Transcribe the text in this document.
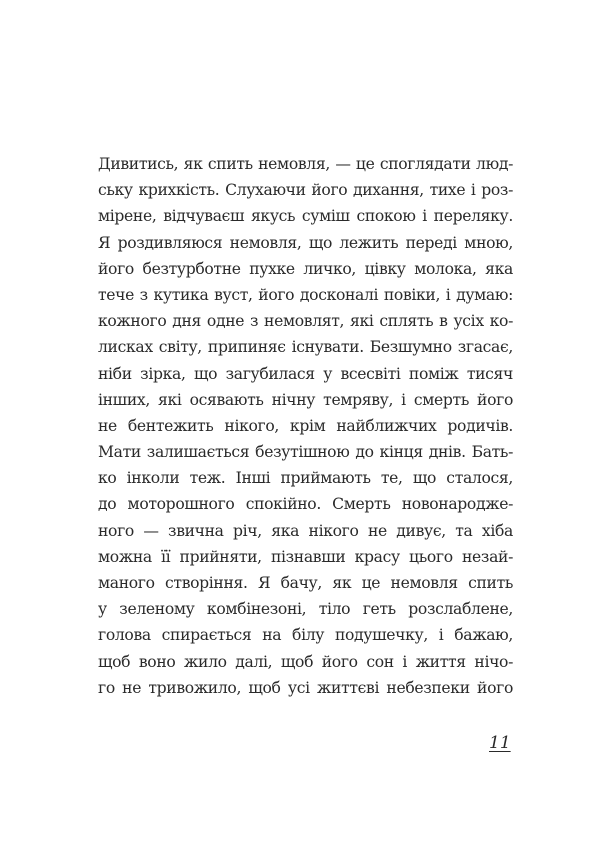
Дивитись, як спить немовля, — це споглядати люд-
ську крихкість. Слухаючи його дихання, тихе і роз-
мірене, відчуваєш якусь суміш спокою і переляку.
Я роздивляюся немовля, що лежить переді мною,
його безтурботне пухке личко, цівку молока, яка
тече з кутика вуст, його досконалі повіки, і думаю:
кожного дня одне з немовлят, які сплять в усіх ко-
лисках світу, припиняє існувати. Безшумно згасає,
ніби зірка, що загубилася у всесвіті поміж тисяч
інших, які осявають нічну темряву, і смерть його
не бентежить нікого, крім найближчих родичів.
Мати залишається безутішною до кінця днів. Бать-
ко інколи теж. Інші приймають те, що сталося,
до моторошного спокійно. Смерть новонародже-
ного — звична річ, яка нікого не дивує, та хіба
можна її прийняти, пізнавши красу цього незай-
маного створіння. Я бачу, як це немовля спить
у зеленому комбінезоні, тіло геть розслаблене,
голова спирається на білу подушечку, і бажаю,
щоб воно жило далі, щоб його сон і життя нічо-
го не тривожило, щоб усі життєві небезпеки його
11
